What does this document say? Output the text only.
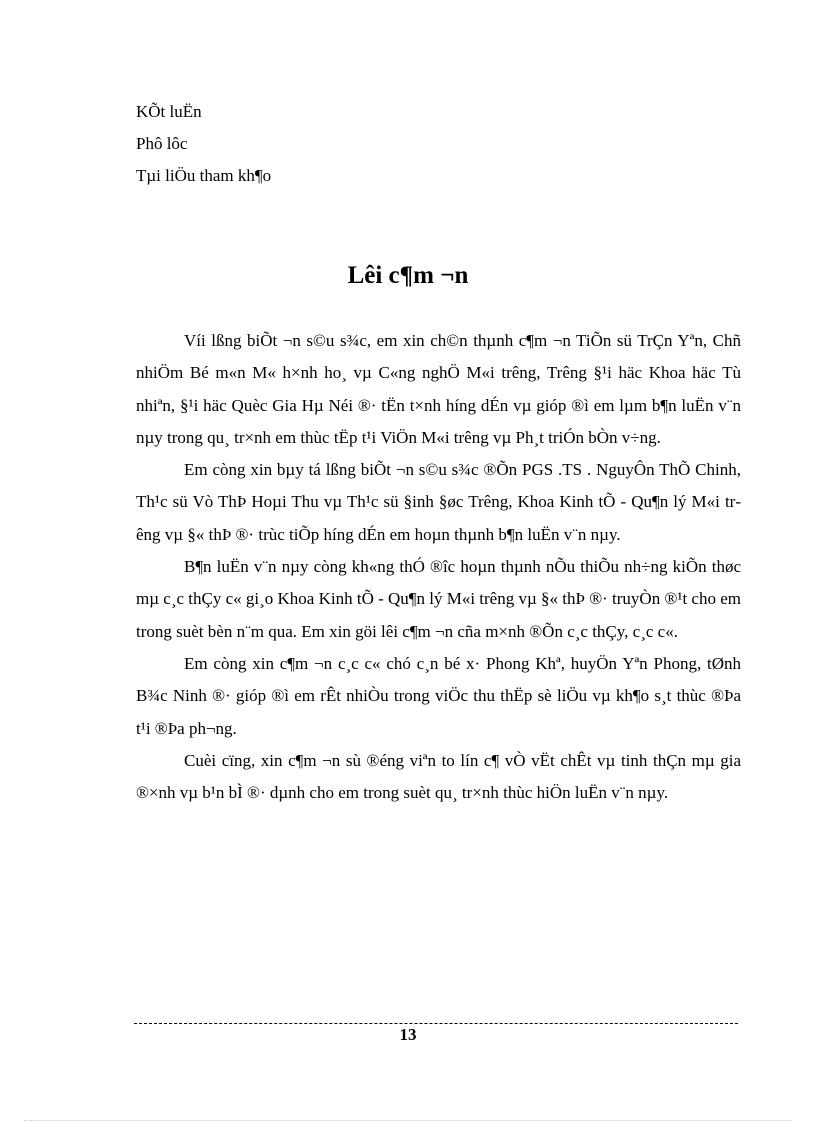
KÕt luËn
Phô lôc
Tµi liÖu tham kh¶o
Lêi c¶m ¬n

Víi lßng biÕt ¬n s©u s¾c, em xin ch©n thµnh c¶m ¬n TiÕn sü TrÇn Yªn, Chñ nhiÖm Bé m«n M« h×nh ho¸ vµ C«ng nghÖ M«i trêng, Trêng §¹i häc Khoa häc Tù nhiªn, §¹i häc Quèc Gia Hµ Néi ®· tËn t×nh híng dÉn vµ gióp ®ì em lµm b¶n luËn v¨n nµy trong qu¸ tr×nh em thùc tËp t¹i ViÖn M«i trêng vµ Ph¸t triÓn bÒn v÷ng.

Em còng xin bµy tá lßng biÕt ¬n s©u s¾c ®Õn PGS .TS . NguyÔn ThÕ Chinh, Th¹c sü Vò ThÞ Hoµi Thu vµ Th¹c sü §inh §øc Trêng, Khoa Kinh tÕ - Qu¶n lý M«i trêng vµ §« thÞ ®· trùc tiÕp híng dÉn em hoµn thµnh b¶n luËn v¨n nµy.

B¶n luËn v¨n nµy còng kh«ng thÓ ®îc hoµn thµnh nÕu thiÕu nh÷ng kiÕn thøc mµ c¸c thÇy c« gi¸o Khoa Kinh tÕ - Qu¶n lý M«i trêng vµ §« thÞ ®· truyÒn ®¹t cho em trong suèt bèn n¨m qua. Em xin göi lêi c¶m ¬n cña m×nh ®Õn c¸c thÇy, c¸c c«.

Em còng xin c¶m ¬n c¸c c« chó c¸n bé x· Phong Khª, huyÖn Yªn Phong, tØnh B¾c Ninh ®· gióp ®ì em rÊt nhiÒu trong viÖc thu thËp sè liÖu vµ kh¶o s¸t thùc ®Þa t¹i ®Þa ph¬ng.

Cuèi cïng, xin c¶m ¬n sù ®éng viªn to lín c¶ vÒ vËt chÊt vµ tinh thÇn mµ gia ®×nh vµ b¹n bÌ ®· dµnh cho em trong suèt qu¸ tr×nh thùc hiÖn luËn v¨n nµy.

13
